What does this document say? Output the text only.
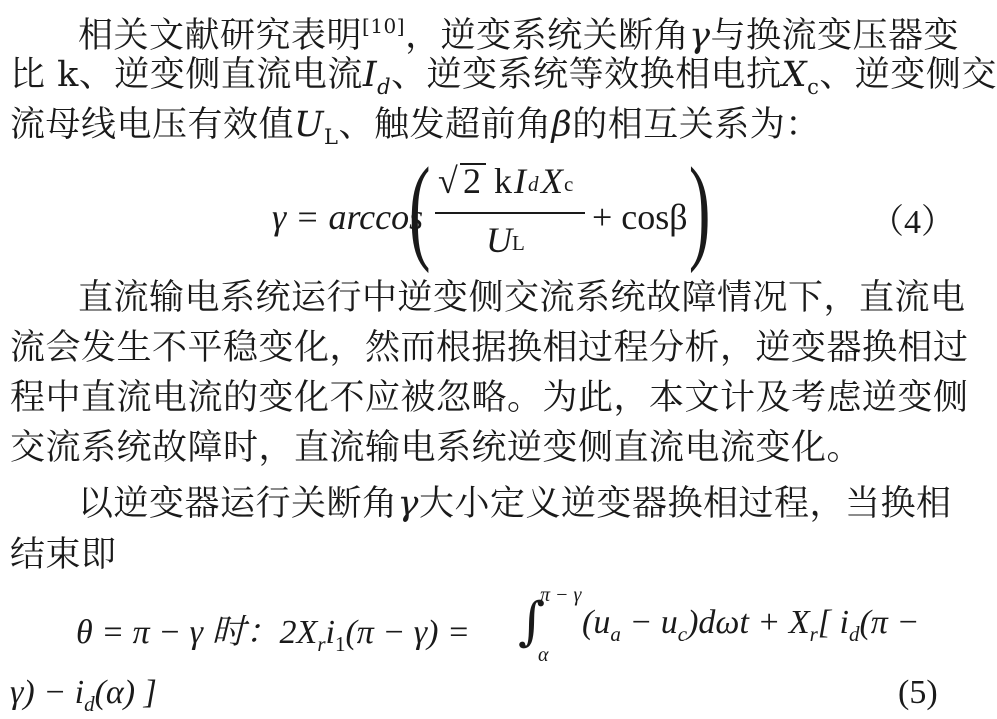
相关文献研究表明[10]，逆变系统关断角γ与换流变压器变
比 k、逆变侧直流电流$I_d$、逆变系统等效换相电抗$X_c$、逆变侧交
流母线电压有效值$U_L$、触发超前角β的相互关系为：
γ = arccos
( √ 2 k I d X c
U L
+ cosβ )	（4）
直流输电系统运行中逆变侧交流系统故障情况下，直流电
流会发生不平稳变化，然而根据换相过程分析，逆变器换相过
程中直流电流的变化不应被忽略。为此，本文计及考虑逆变侧
交流系统故障时，直流输电系统逆变侧直流电流变化。
以逆变器运行关断角γ大小定义逆变器换相过程，当换相
结束即
θ = π − γ 时：$2X_ri_1(\pi - \gamma)$ = ∫
π − γ
α
$(u_a - u_c)d\omega t + X_r$[ $i_d(\pi$ −
$\gamma) - i_d(\alpha)$ ]	(5)
